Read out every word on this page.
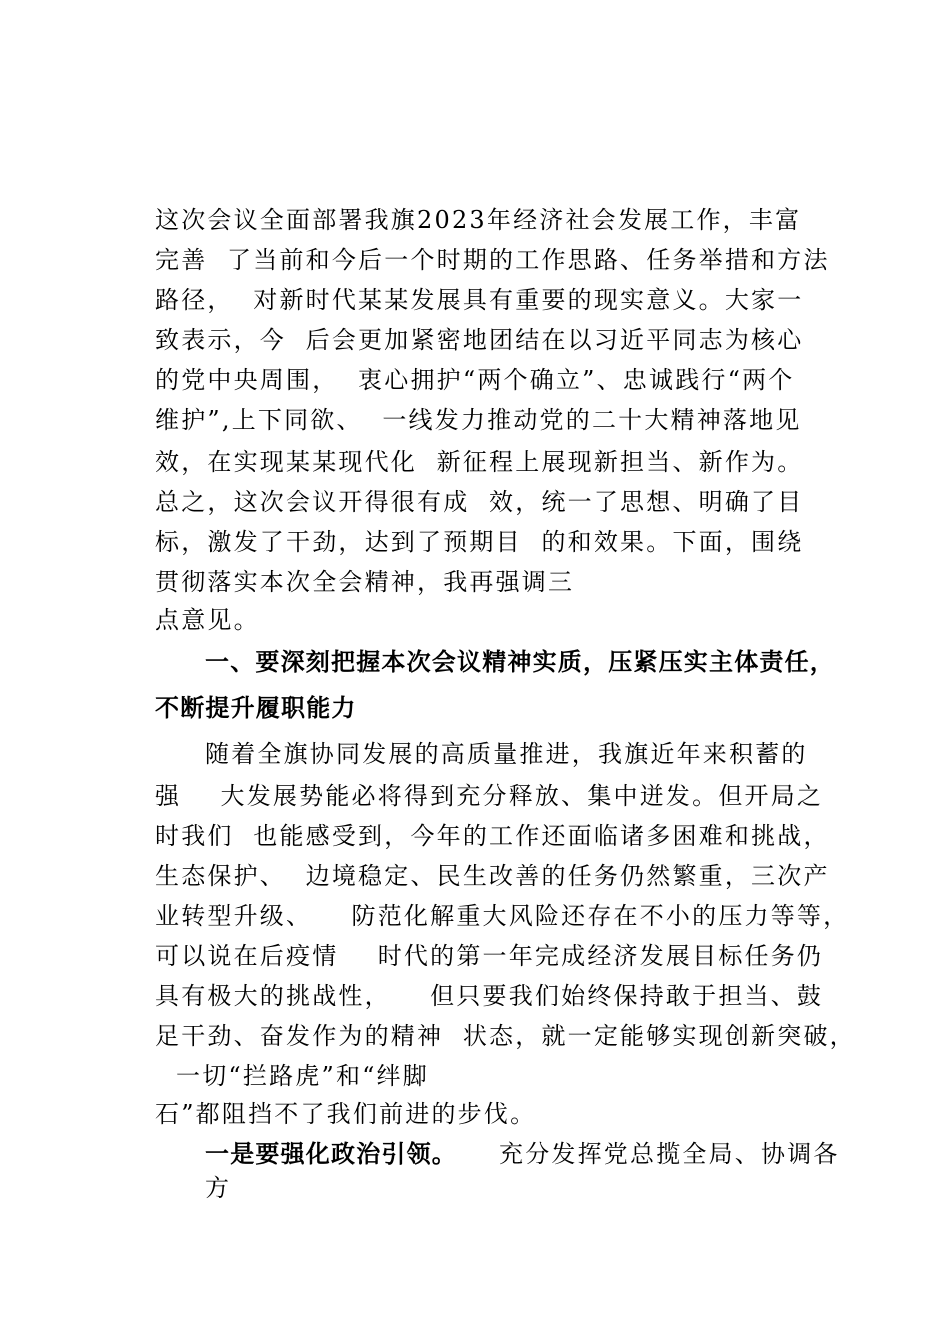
这次会议全面部署我旗2023年经济社会发展工作，丰富
完善  了当前和今后一个时期的工作思路、任务举措和方法
路径，  对新时代某某发展具有重要的现实意义。大家一
致表示，今  后会更加紧密地团结在以习近平同志为核心
的党中央周围，  衷心拥护“两个确立”、忠诚践行“两个
维护”,上下同欲、  一线发力推动党的二十大精神落地见
效，在实现某某现代化  新征程上展现新担当、新作为。
总之，这次会议开得很有成  效，统一了思想、明确了目
标，激发了干劲，达到了预期目  的和效果。下面，围绕
贯彻落实本次全会精神，我再强调三
点意见。
一、要深刻把握本次会议精神实质，压紧压实主体责任，
不断提升履职能力
随着全旗协同发展的高质量推进，我旗近年来积蓄的
强    大发展势能必将得到充分释放、集中迸发。但开局之
时我们  也能感受到，今年的工作还面临诸多困难和挑战，
生态保护、  边境稳定、民生改善的任务仍然繁重，三次产
业转型升级、    防范化解重大风险还存在不小的压力等等，
可以说在后疫情    时代的第一年完成经济发展目标任务仍
具有极大的挑战性，    但只要我们始终保持敢于担当、鼓
足干劲、奋发作为的精神  状态，就一定能够实现创新突破，
一切“拦路虎”和“绊脚
石”都阻挡不了我们前进的步伐。
一是要强化政治引领。 充分发挥党总揽全局、协调各
方
